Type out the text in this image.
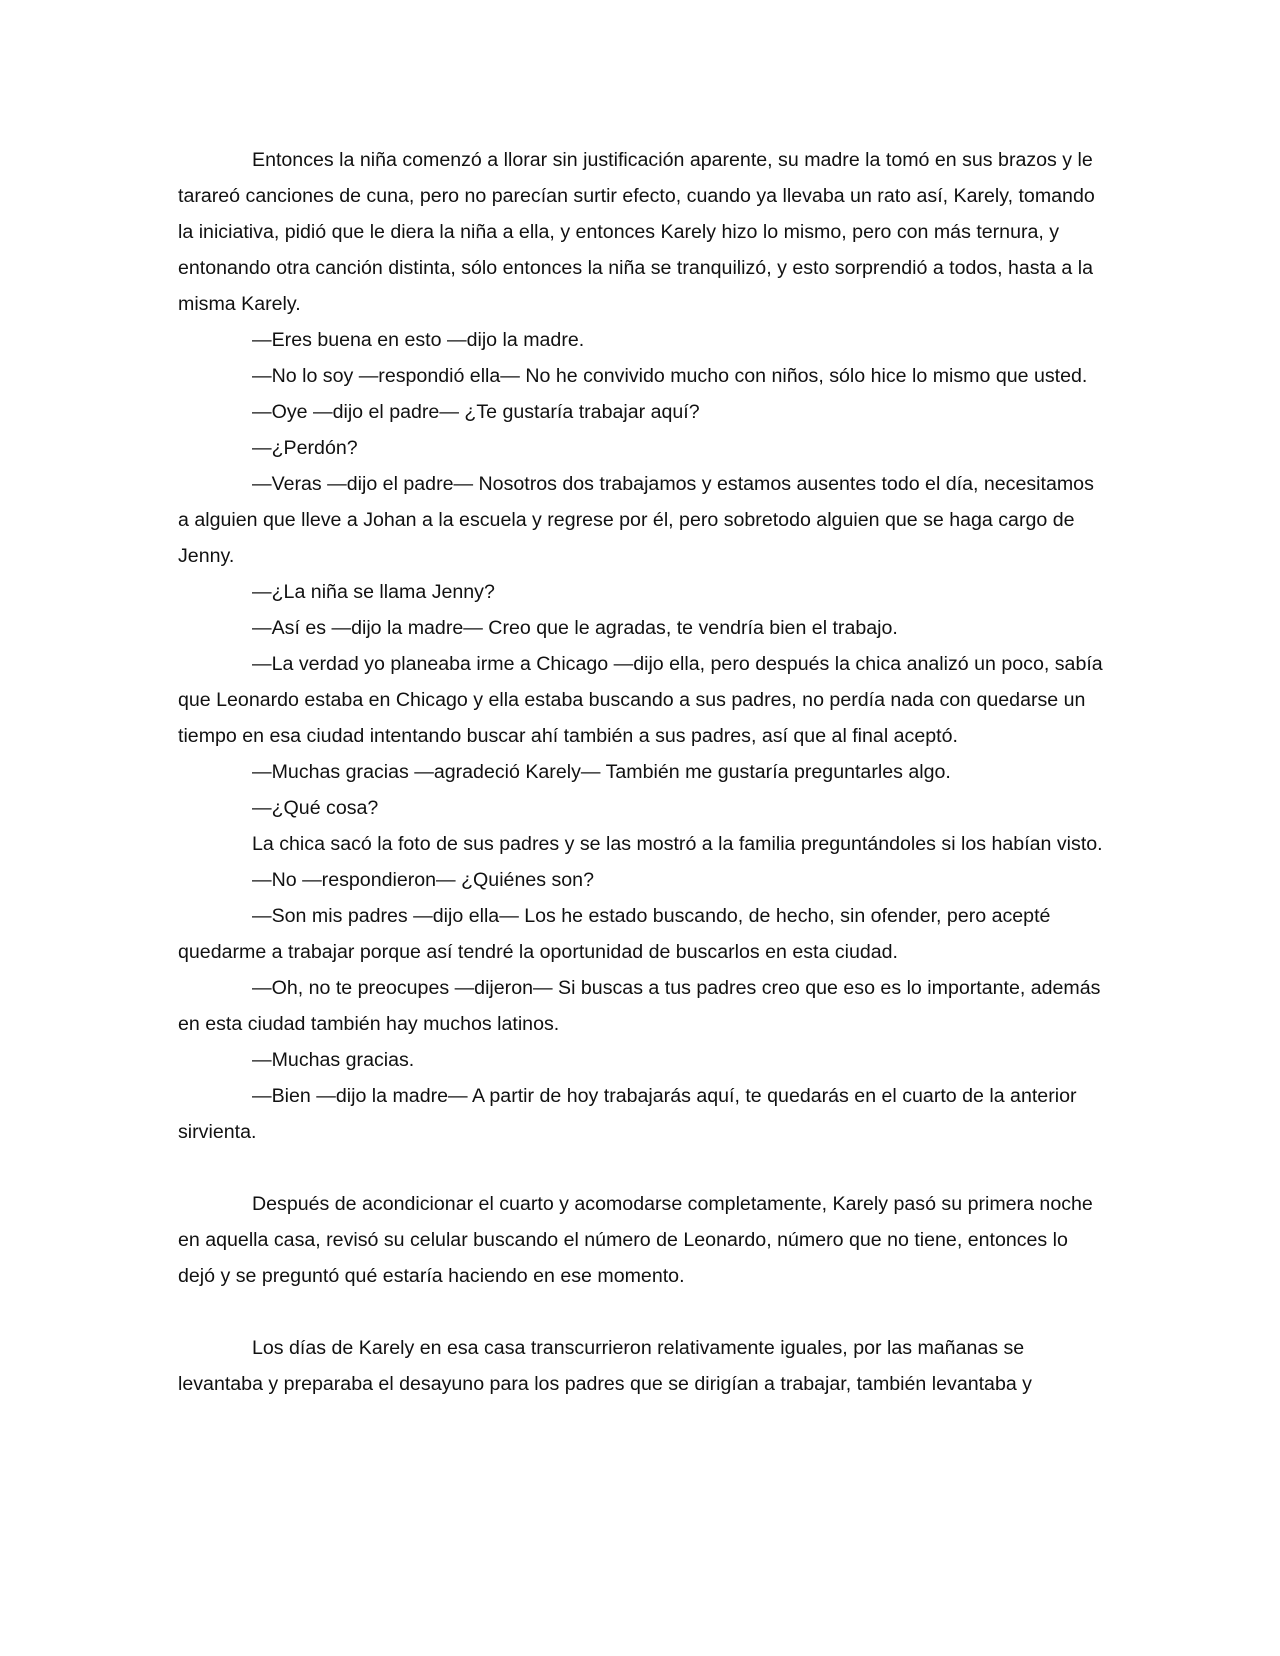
Entonces la niña comenzó a llorar sin justificación aparente, su madre la tomó en sus brazos y le tarareó canciones de cuna, pero no parecían surtir efecto, cuando ya llevaba un rato así, Karely, tomando la iniciativa, pidió que le diera la niña a ella, y entonces Karely hizo lo mismo, pero con más ternura, y entonando otra canción distinta, sólo entonces la niña se tranquilizó, y esto sorprendió a todos, hasta a la misma Karely.

—Eres buena en esto —dijo la madre.

—No lo soy —respondió ella— No he convivido mucho con niños, sólo hice lo mismo que usted.

—Oye —dijo el padre— ¿Te gustaría trabajar aquí?

—¿Perdón?

—Veras —dijo el padre— Nosotros dos trabajamos y estamos ausentes todo el día, necesitamos a alguien que lleve a Johan a la escuela y regrese por él, pero sobretodo alguien que se haga cargo de Jenny.

—¿La niña se llama Jenny?

—Así es —dijo la madre— Creo que le agradas, te vendría bien el trabajo.

—La verdad yo planeaba irme a Chicago —dijo ella, pero después la chica analizó un poco, sabía que Leonardo estaba en Chicago y ella estaba buscando a sus padres, no perdía nada con quedarse un tiempo en esa ciudad intentando buscar ahí también a sus padres, así que al final aceptó.

—Muchas gracias —agradeció Karely— También me gustaría preguntarles algo.

—¿Qué cosa?

La chica sacó la foto de sus padres y se las mostró a la familia preguntándoles si los habían visto.

—No —respondieron— ¿Quiénes son?

—Son mis padres —dijo ella— Los he estado buscando, de hecho, sin ofender, pero acepté quedarme a trabajar porque así tendré la oportunidad de buscarlos en esta ciudad.

—Oh, no te preocupes —dijeron— Si buscas a tus padres creo que eso es lo importante, además en esta ciudad también hay muchos latinos.

—Muchas gracias.

—Bien —dijo la madre— A partir de hoy trabajarás aquí, te quedarás en el cuarto de la anterior sirvienta.

Después de acondicionar el cuarto y acomodarse completamente, Karely pasó su primera noche en aquella casa, revisó su celular buscando el número de Leonardo, número que no tiene, entonces lo dejó y se preguntó qué estaría haciendo en ese momento.

Los días de Karely en esa casa transcurrieron relativamente iguales, por las mañanas se levantaba y preparaba el desayuno para los padres que se dirigían a trabajar, también levantaba y
